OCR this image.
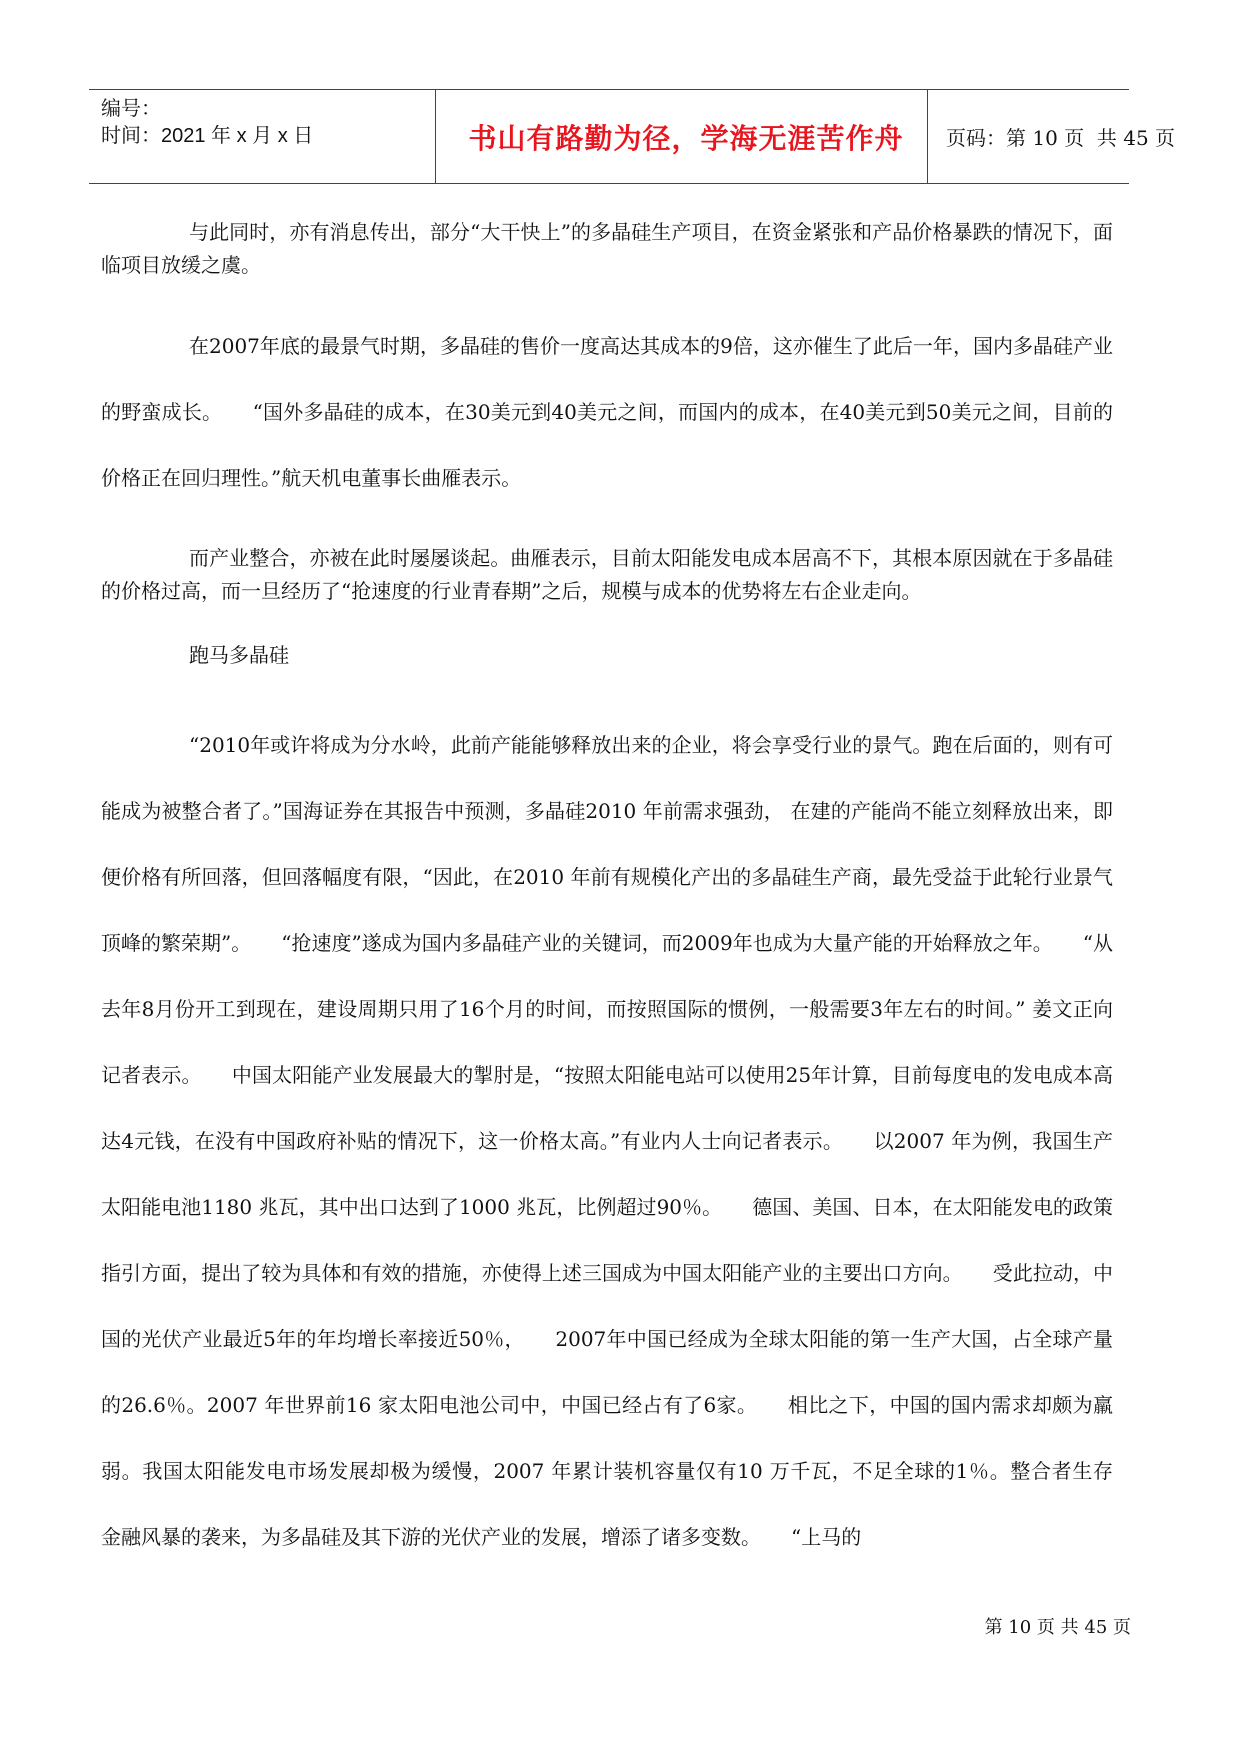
编号：
时间：2021 年 x 月 x 日	书山有路勤为径，学海无涯苦作舟	页码：第 10 页  共 45 页

与此同时，亦有消息传出，部分“大干快上”的多晶硅生产项目，在资金紧张和产品价格暴跌的情况下，面临项目放缓之虞。

在2007年底的最景气时期，多晶硅的售价一度高达其成本的9倍，这亦催生了此后一年，国内多晶硅产业的野蛮成长。　　“国外多晶硅的成本，在30美元到40美元之间，而国内的成本，在40美元到50美元之间，目前的价格正在回归理性。”航天机电董事长曲雁表示。

而产业整合，亦被在此时屡屡谈起。曲雁表示，目前太阳能发电成本居高不下，其根本原因就在于多晶硅的价格过高，而一旦经历了“抢速度的行业青春期”之后，规模与成本的优势将左右企业走向。

跑马多晶硅

“2010年或许将成为分水岭，此前产能能够释放出来的企业，将会享受行业的景气。跑在后面的，则有可能成为被整合者了。”国海证券在其报告中预测，多晶硅2010 年前需求强劲， 在建的产能尚不能立刻释放出来，即便价格有所回落，但回落幅度有限，“因此，在2010 年前有规模化产出的多晶硅生产商，最先受益于此轮行业景气顶峰的繁荣期”。　　“抢速度”遂成为国内多晶硅产业的关键词，而2009年也成为大量产能的开始释放之年。　　“从去年8月份开工到现在，建设周期只用了16个月的时间，而按照国际的惯例，一般需要3年左右的时间。” 姜文正向记者表示。　　中国太阳能产业发展最大的掣肘是，“按照太阳能电站可以使用25年计算，目前每度电的发电成本高达4元钱，在没有中国政府补贴的情况下，这一价格太高。”有业内人士向记者表示。　　以2007 年为例，我国生产太阳能电池1180 兆瓦，其中出口达到了1000 兆瓦，比例超过90％。　　德国、美国、日本，在太阳能发电的政策指引方面，提出了较为具体和有效的措施，亦使得上述三国成为中国太阳能产业的主要出口方向。　　受此拉动，中国的光伏产业最近5年的年均增长率接近50％，　　2007年中国已经成为全球太阳能的第一生产大国，占全球产量的26.6％。2007 年世界前16 家太阳电池公司中，中国已经占有了6家。　　相比之下，中国的国内需求却颇为羸弱。我国太阳能发电市场发展却极为缓慢，2007 年累计装机容量仅有10 万千瓦，不足全球的1％。整合者生存　　金融风暴的袭来，为多晶硅及其下游的光伏产业的发展，增添了诸多变数。　　“上马的

第 10 页 共 45 页
